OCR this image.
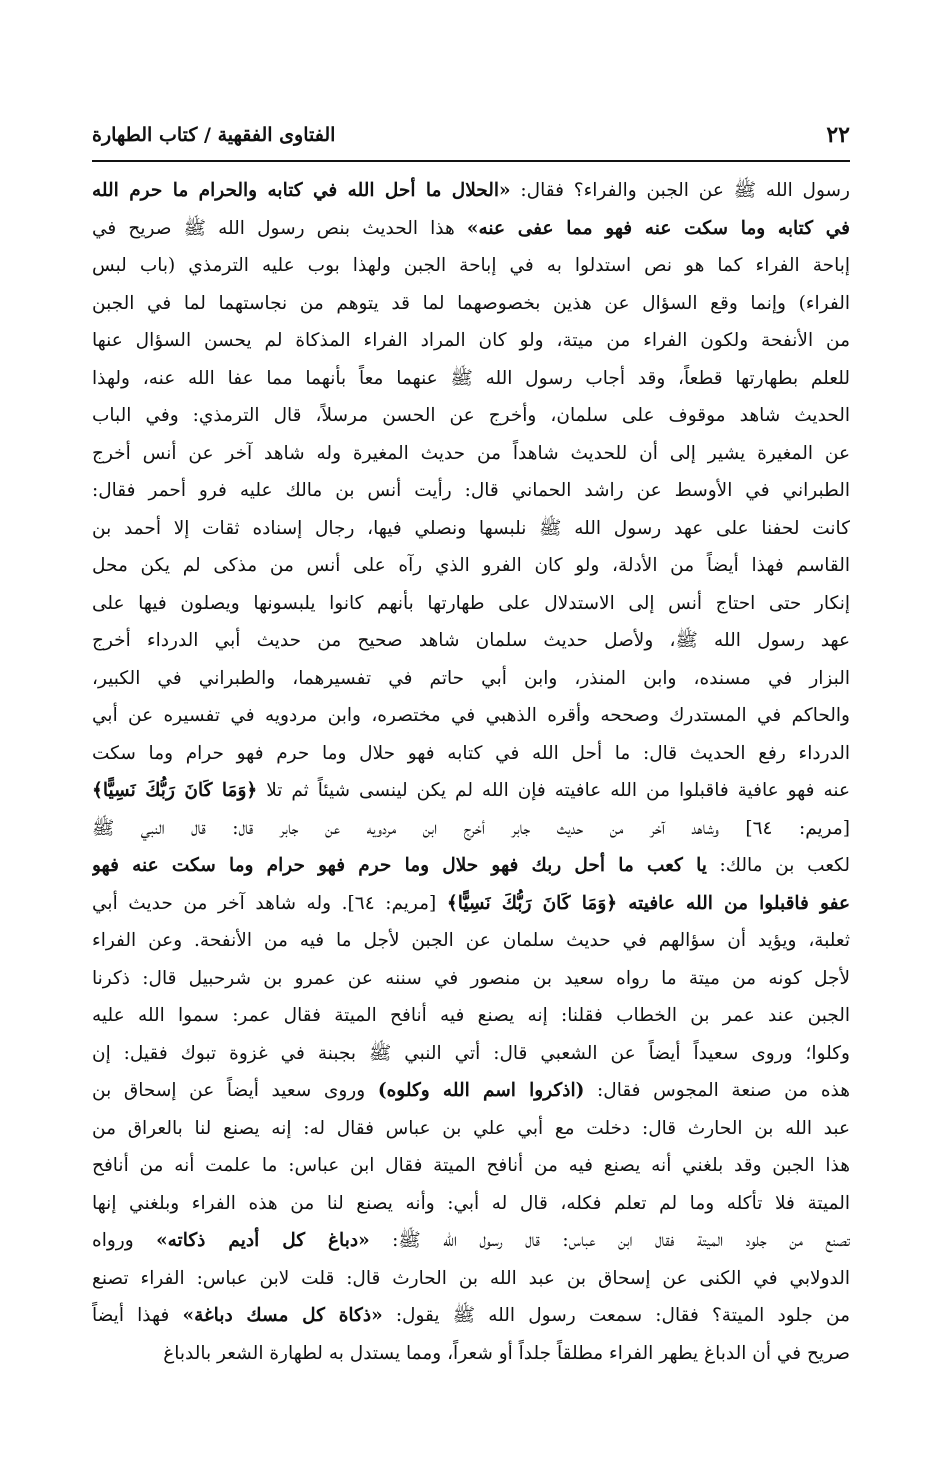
٢٢
الفتاوى الفقهية / كتاب الطهارة
رسول الله ﷺ عن الجبن والفراء؟ فقال: «الحلال ما أحل الله في كتابه والحرام ما حرم الله
في كتابه وما سكت عنه فهو مما عفى عنه» هذا الحديث بنص رسول الله ﷺ صريح في
إباحة الفراء كما هو نص استدلوا به في إباحة الجبن ولهذا بوب عليه الترمذي (باب لبس
الفراء) وإنما وقع السؤال عن هذين بخصوصهما لما قد يتوهم من نجاستهما لما في الجبن
من الأنفحة ولكون الفراء من ميتة، ولو كان المراد الفراء المذكاة لم يحسن السؤال عنها
للعلم بطهارتها قطعاً، وقد أجاب رسول الله ﷺ عنهما معاً بأنهما مما عفا الله عنه، ولهذا
الحديث شاهد موقوف على سلمان، وأخرج عن الحسن مرسلاً، قال الترمذي: وفي الباب
عن المغيرة يشير إلى أن للحديث شاهداً من حديث المغيرة وله شاهد آخر عن أنس أخرج
الطبراني في الأوسط عن راشد الحماني قال: رأيت أنس بن مالك عليه فرو أحمر فقال:
كانت لحفنا على عهد رسول الله ﷺ نلبسها ونصلي فيها، رجال إسناده ثقات إلا أحمد بن
القاسم فهذا أيضاً من الأدلة، ولو كان الفرو الذي رآه على أنس من مذكى لم يكن محل
إنكار حتى احتاج أنس إلى الاستدلال على طهارتها بأنهم كانوا يلبسونها ويصلون فيها على
عهد رسول الله ﷺ، ولأصل حديث سلمان شاهد صحيح من حديث أبي الدرداء أخرج
البزار في مسنده، وابن المنذر، وابن أبي حاتم في تفسيرهما، والطبراني في الكبير،
والحاكم في المستدرك وصححه وأقره الذهبي في مختصره، وابن مردويه في تفسيره عن أبي
الدرداء رفع الحديث قال: ما أحل الله في كتابه فهو حلال وما حرم فهو حرام وما سكت
عنه فهو عافية فاقبلوا من الله عافيته فإن الله لم يكن لينسى شيئاً ثم تلا ﴿وَمَا كَانَ رَبُّكَ نَسِيًّا﴾
[مريم: ٦٤] وشاهد آخر من حديث جابر أخرج ابن مردويه عن جابر قال: قال النبي ﷺ
لكعب بن مالك: يا كعب ما أحل ربك فهو حلال وما حرم فهو حرام وما سكت عنه فهو
عفو فاقبلوا من الله عافيته ﴿وَمَا كَانَ رَبُّكَ نَسِيًّا﴾ [مريم: ٦٤]. وله شاهد آخر من حديث أبي
ثعلبة، ويؤيد أن سؤالهم في حديث سلمان عن الجبن لأجل ما فيه من الأنفحة. وعن الفراء
لأجل كونه من ميتة ما رواه سعيد بن منصور في سننه عن عمرو بن شرحبيل قال: ذكرنا
الجبن عند عمر بن الخطاب فقلنا: إنه يصنع فيه أنافح الميتة فقال عمر: سموا الله عليه
وكلوا؛ وروى سعيداً أيضاً عن الشعبي قال: أتي النبي ﷺ بجبنة في غزوة تبوك فقيل: إن
هذه من صنعة المجوس فقال: (اذكروا اسم الله وكلوه) وروى سعيد أيضاً عن إسحاق بن
عبد الله بن الحارث قال: دخلت مع أبي علي بن عباس فقال له: إنه يصنع لنا بالعراق من
هذا الجبن وقد بلغني أنه يصنع فيه من أنافح الميتة فقال ابن عباس: ما علمت أنه من أنافح
الميتة فلا تأكله وما لم تعلم فكله، قال له أبي: وأنه يصنع لنا من هذه الفراء وبلغني إنها
تصنع من جلود الميتة فقال ابن عباس: قال رسول الله ﷺ: «دباغ كل أديم ذكاته» ورواه
الدولابي في الكنى عن إسحاق بن عبد الله بن الحارث قال: قلت لابن عباس: الفراء تصنع
من جلود الميتة؟ فقال: سمعت رسول الله ﷺ يقول: «ذكاة كل مسك دباغة» فهذا أيضاً
صريح في أن الدباغ يطهر الفراء مطلقاً جلداً أو شعراً، ومما يستدل به لطهارة الشعر بالدباغ
